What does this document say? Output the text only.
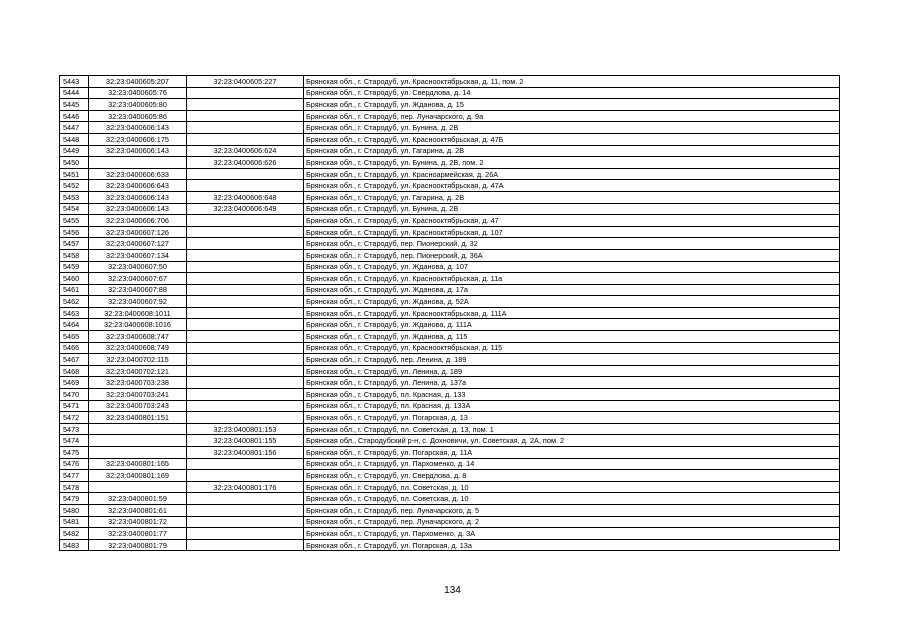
5443	32:23:0400605:207	32:23:0400605:227	Брянская обл., г. Стародуб, ул. Краснооктябрьская, д. 11, пом. 2
5444	32:23:0400605:76		Брянская обл., г. Стародуб, ул. Свердлова, д. 14
5445	32:23:0400605:80		Брянская обл., г. Стародуб, ул. Жданова, д. 15
5446	32:23:0400605:86		Брянская обл., г. Стародуб, пер. Луначарского, д. 9а
5447	32:23:0400606:143		Брянская обл., г. Стародуб, ул. Бунина, д. 2В
5448	32:23:0400606:175		Брянская обл., г. Стародуб, ул. Краснооктябрьская, д. 47Б
5449	32:23:0400606:143	32:23:0400606:624	Брянская обл., г. Стародуб, ул. Гагарина, д. 2В
5450		32:23:0400606:626	Брянская обл., г. Стародуб, ул. Бунина, д. 2В, пом. 2
5451	32:23:0400606:633		Брянская обл., г. Стародуб, ул. Красноармейская, д. 26А
5452	32:23:0400606:643		Брянская обл., г. Стародуб, ул. Краснооктябрьская, д. 47А
5453	32:23:0400606:143	32:23:0400606:648	Брянская обл., г. Стародуб, ул. Гагарина, д. 2В
5454	32:23:0400606:143	32:23:0400606:649	Брянская обл., г. Стародуб, ул. Бунина, д. 2В
5455	32:23:0400606:706		Брянская обл., г. Стародуб, ул. Краснооктябрьская, д. 47
5456	32:23:0400607:126		Брянская обл., г. Стародуб, ул. Краснооктябрьская, д. 107
5457	32:23:0400607:127		Брянская обл., г. Стародуб, пер. Пионерский, д. 32
5458	32:23:0400607:134		Брянская обл., г. Стародуб, пер. Пионерский, д. 36А
5459	32:23:0400607:50		Брянская обл., г. Стародуб, ул. Жданова, д. 107
5460	32:23:0400607:67		Брянская обл., г. Стародуб, ул. Краснооктябрьская, д. 11а
5461	32:23:0400607:88		Брянская обл., г. Стародуб, ул. Жданова, д. 17а
5462	32:23:0400607:92		Брянская обл., г. Стародуб, ул. Жданова, д. 52А
5463	32:23:0400608:1011		Брянская обл., г. Стародуб, ул. Краснооктябрьская, д. 111А
5464	32:23:0400608:1016		Брянская обл., г. Стародуб, ул. Жданова, д. 111А
5465	32:23:0400608:747		Брянская обл., г. Стародуб, ул. Жданова, д. 115
5466	32:23:0400608:749		Брянская обл., г. Стародуб, ул. Краснооктябрьская, д. 115
5467	32:23:0400702:115		Брянская обл., г. Стародуб, пер. Ленина, д. 189
5468	32:23:0400702:121		Брянская обл., г. Стародуб, ул. Ленина, д. 189
5469	32:23:0400703:238		Брянская обл., г. Стародуб, ул. Ленина, д. 137а
5470	32:23:0400703:241		Брянская обл., г. Стародуб, пл. Красная, д. 133
5471	32:23:0400703:243		Брянская обл., г. Стародуб, пл. Красная, д. 133А
5472	32:23:0400801:151		Брянская обл., г. Стародуб, ул. Погарская, д. 13
5473		32:23:0400801:153	Брянская обл., г. Стародуб, пл. Советская, д. 13, пом. 1
5474		32:23:0400801:155	Брянская обл., Стародубский р-н, с. Дохновичи, ул. Советская, д. 2А, пом. 2
5475		32:23:0400801:156	Брянская обл., г. Стародуб, ул. Погарская, д. 11А
5476	32:23:0400801:165		Брянская обл., г. Стародуб, ул. Пархоменко, д. 14
5477	32:23:0400801:169		Брянская обл., г. Стародуб, ул. Свердлова, д. 8
5478		32:23:0400801:176	Брянская обл., г. Стародуб, пл. Советская, д. 10
5479	32:23:0400801:59		Брянская обл., г. Стародуб, пл. Советская, д. 10
5480	32:23:0400801:61		Брянская обл., г. Стародуб, пер. Луначарского, д. 5
5481	32:23:0400801:72		Брянская обл., г. Стародуб, пер. Луначарского, д. 2
5482	32:23:0400801:77		Брянская обл., г. Стародуб, ул. Пархоменко, д. 3А
5483	32:23:0400801:79		Брянская обл., г. Стародуб, ул. Погарская, д. 13а
134
